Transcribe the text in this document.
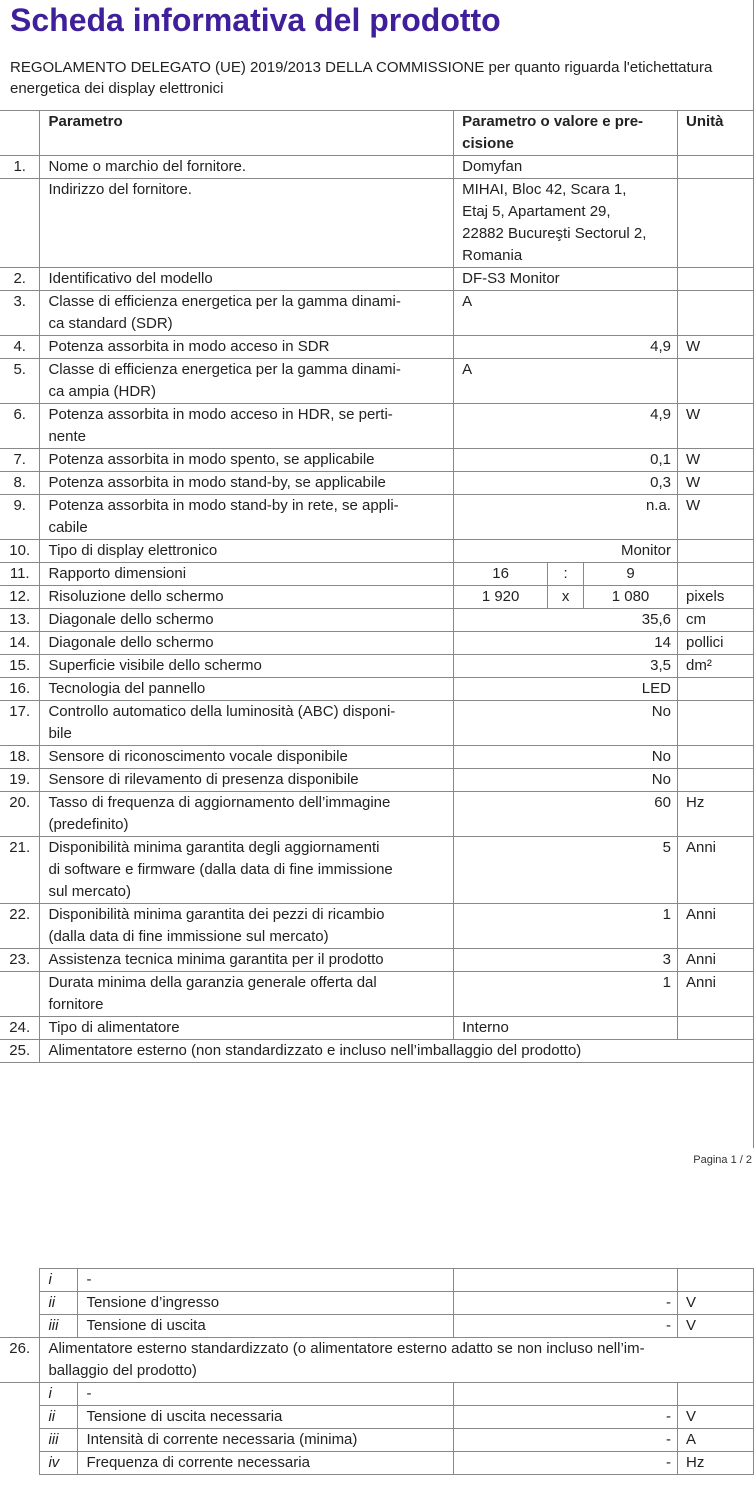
Scheda informativa del prodotto
REGOLAMENTO DELEGATO (UE) 2019/2013 DELLA COMMISSIONE per quanto riguarda l'etichettatura energetica dei display elettronici
	Parametro	Parametro o valore e pre-
cisione			Unità
1.	Nome o marchio del fornitore.	Domyfan			
	Indirizzo del fornitore.	MIHAI, Bloc 42, Scara 1,
Etaj 5, Apartament 29,
22882 Bucureşti Sectorul 2,
Romania			
2.	Identificativo del modello	DF-S3 Monitor			
3.	Classe di efficienza energetica per la gamma dinami-
ca standard (SDR)	A			
4.	Potenza assorbita in modo acceso in SDR	4,9			W
5.	Classe di efficienza energetica per la gamma dinami-
ca ampia (HDR)	A			
6.	Potenza assorbita in modo acceso in HDR, se perti-
nente	4,9			W
7.	Potenza assorbita in modo spento, se applicabile	0,1			W
8.	Potenza assorbita in modo stand-by, se applicabile	0,3			W
9.	Potenza assorbita in modo stand-by in rete, se appli-
cabile	n.a.			W
10.	Tipo di display elettronico	Monitor			
11.	Rapporto dimensioni	16	:	9	
12.	Risoluzione dello schermo	1 920	x	1 080	pixels
13.	Diagonale dello schermo	35,6			cm
14.	Diagonale dello schermo	14			pollici
15.	Superficie visibile dello schermo	3,5			dm²
16.	Tecnologia del pannello	LED			
17.	Controllo automatico della luminosità (ABC) disponi-
bile	No			
18.	Sensore di riconoscimento vocale disponibile	No			
19.	Sensore di rilevamento di presenza disponibile	No			
20.	Tasso di frequenza di aggiornamento dell’immagine
(predefinito)	60			Hz
21.	Disponibilità minima garantita degli aggiornamenti
di software e firmware (dalla data di fine immissione
sul mercato)	5			Anni
22.	Disponibilità minima garantita dei pezzi di ricambio
(dalla data di fine immissione sul mercato)	1			Anni
23.	Assistenza tecnica minima garantita per il prodotto	3			Anni
	Durata minima della garanzia generale offerta dal
fornitore	1			Anni
24.	Tipo di alimentatore	Interno			
25.	Alimentatore esterno (non standardizzato e incluso nell’imballaggio del prodotto)				
Pagina 1 / 2
	i	-		
	ii	Tensione d’ingresso	-	V
	iii	Tensione di uscita	-	V
26.	Alimentatore esterno standardizzato (o alimentatore esterno adatto se non incluso nell’im-
ballaggio del prodotto)			
	i	-		
	ii	Tensione di uscita necessaria	-	V
	iii	Intensità di corrente necessaria (minima)	-	A
	iv	Frequenza di corrente necessaria	-	Hz
